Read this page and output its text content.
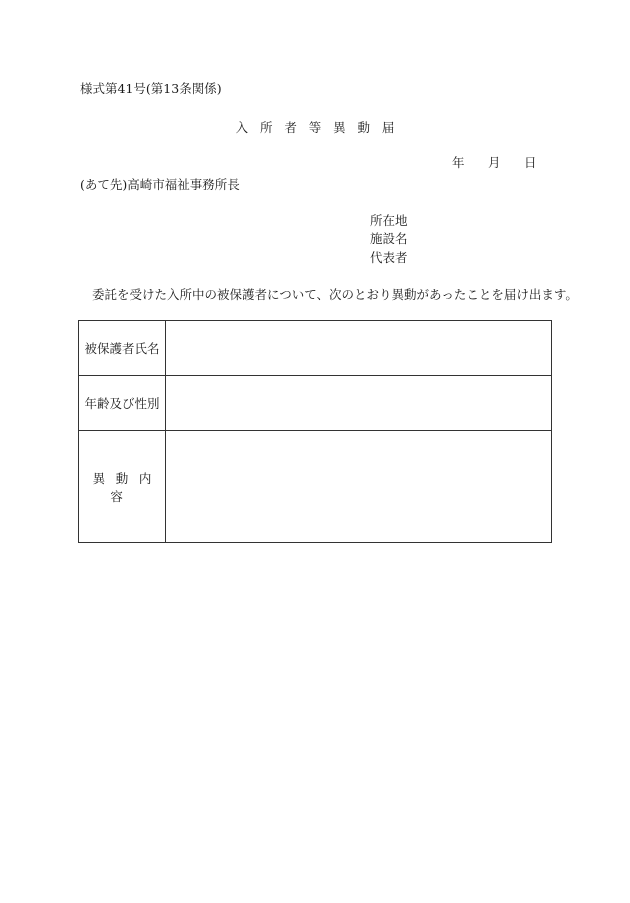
様式第41号(第13条関係)
入所者等異動届
年 月 日
(あて先)高崎市福祉事務所長
所在地
施設名
代表者
委託を受けた入所中の被保護者について、次のとおり異動があったことを届け出ます。
被保護者氏名	
年齢及び性別	
異動内容	
